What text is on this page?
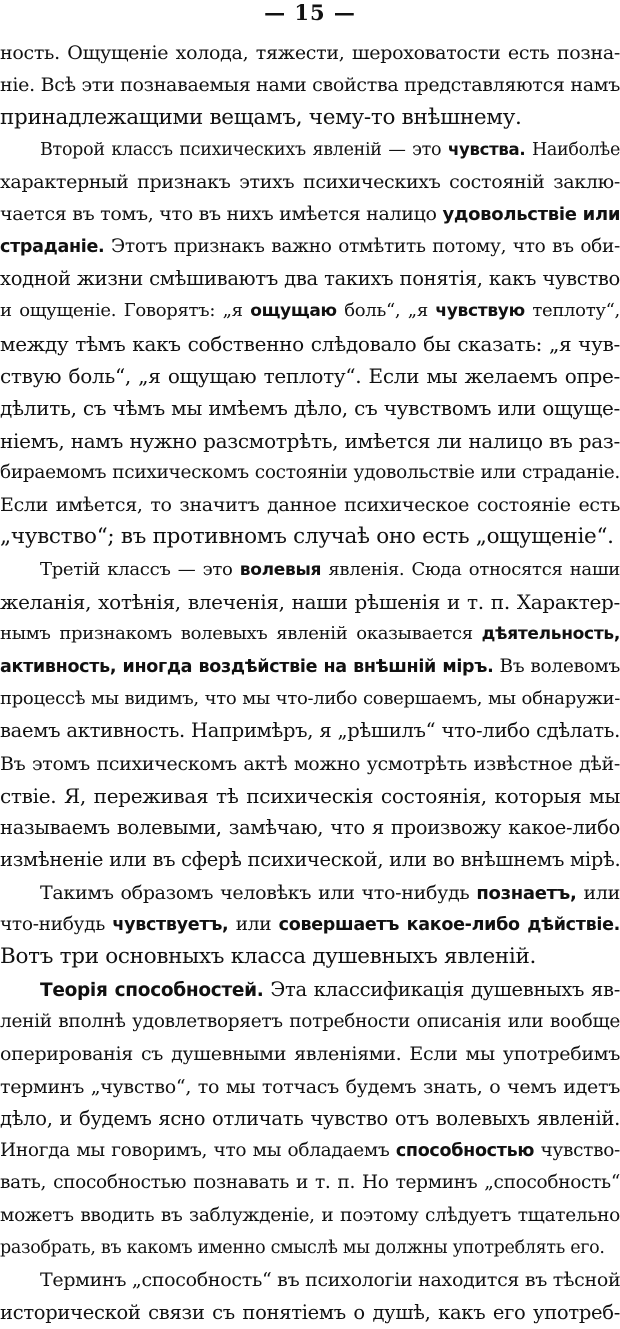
— 15 —
ность. Ощущеніе холода, тяжести, шероховатости есть позна-
ніе. Всѣ эти познаваемыя нами свойства представляются намъ
принадлежащими вещамъ, чему-то внѣшнему.
Второй классъ психическихъ явленій — это чувства. Наиболѣе
характерный признакъ этихъ психическихъ состояній заклю-
чается въ томъ, что въ нихъ имѣется налицо удовольствіе или
страданіе. Этотъ признакъ важно отмѣтить потому, что въ оби-
ходной жизни смѣшиваютъ два такихъ понятія, какъ чувство
и ощущеніе. Говорятъ: „я ощущаю боль“, „я чувствую теплоту“,
между тѣмъ какъ собственно слѣдовало бы сказать: „я чув-
ствую боль“, „я ощущаю теплоту“. Если мы желаемъ опре-
дѣлить, съ чѣмъ мы имѣемъ дѣло, съ чувствомъ или ощуще-
ніемъ, намъ нужно разсмотрѣть, имѣется ли налицо въ раз-
бираемомъ психическомъ состояніи удовольствіе или страданіе.
Если имѣется, то значитъ данное психическое состояніе есть
„чувство“; въ противномъ случаѣ оно есть „ощущеніе“.
Третій классъ — это волевыя явленія. Сюда относятся наши
желанія, хотѣнія, влеченія, наши рѣшенія и т. п. Характер-
нымъ признакомъ волевыхъ явленій оказывается дѣятельность,
активность, иногда воздѣйствіе на внѣшній міръ. Въ волевомъ
процессѣ мы видимъ, что мы что-либо совершаемъ, мы обнаружи-
ваемъ активность. Напримѣръ, я „рѣшилъ“ что-либо сдѣлать.
Въ этомъ психическомъ актѣ можно усмотрѣть извѣстное дѣй-
ствіе. Я, переживая тѣ психическія состоянія, которыя мы
называемъ волевыми, замѣчаю, что я произвожу какое-либо
измѣненіе или въ сферѣ психической, или во внѣшнемъ мірѣ.
Такимъ образомъ человѣкъ или что-нибудь познаетъ, или
что-нибудь чувствуетъ, или совершаетъ какое-либо дѣйствіе.
Вотъ три основныхъ класса душевныхъ явленій.
Теорія способностей. Эта классификація душевныхъ яв-
леній вполнѣ удовлетворяетъ потребности описанія или вообще
оперированія съ душевными явленіями. Если мы употребимъ
терминъ „чувство“, то мы тотчасъ будемъ знать, о чемъ идетъ
дѣло, и будемъ ясно отличать чувство отъ волевыхъ явленій.
Иногда мы говоримъ, что мы обладаемъ способностью чувство-
вать, способностью познавать и т. п. Но терминъ „способность“
можетъ вводить въ заблужденіе, и поэтому слѣдуетъ тщательно
разобрать, въ какомъ именно смыслѣ мы должны употреблять его.
Терминъ „способность“ въ психологіи находится въ тѣсной
исторической связи съ понятіемъ о душѣ, какъ его употреб-
